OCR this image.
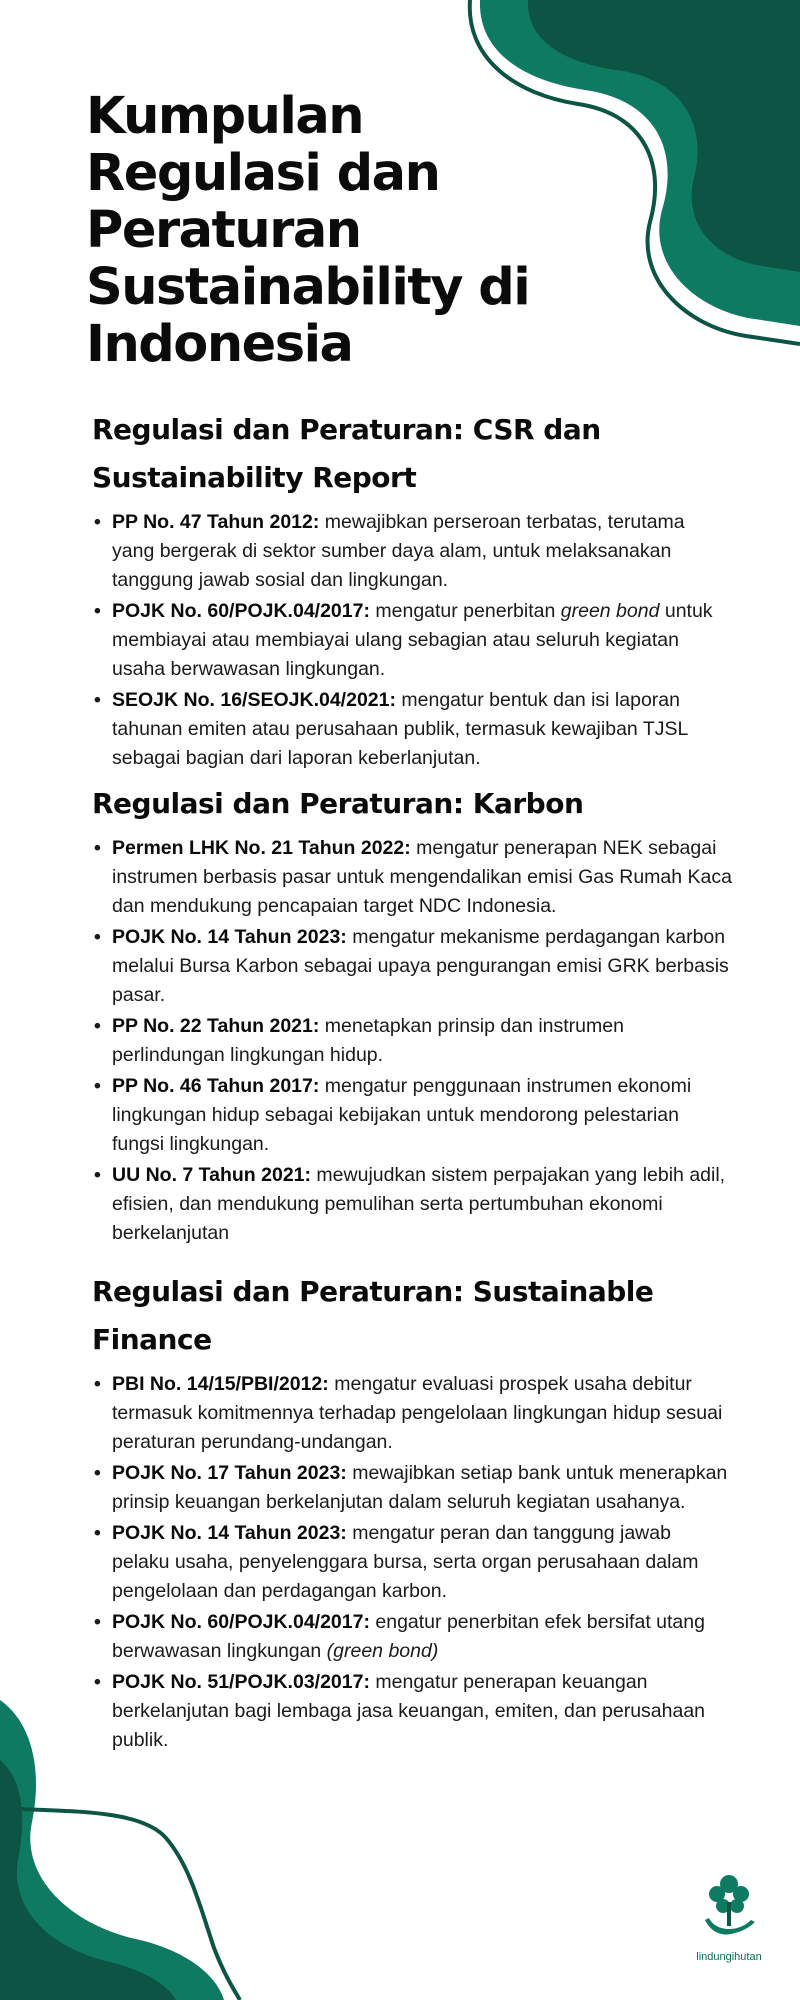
Kumpulan
Regulasi dan
Peraturan
Sustainability di
Indonesia
Regulasi dan Peraturan: CSR dan Sustainability Report
• PP No. 47 Tahun 2012: mewajibkan perseroan terbatas, terutama yang bergerak di sektor sumber daya alam, untuk melaksanakan tanggung jawab sosial dan lingkungan.
• POJK No. 60/POJK.04/2017: mengatur penerbitan green bond untuk membiayai atau membiayai ulang sebagian atau seluruh kegiatan usaha berwawasan lingkungan.
• SEOJK No. 16/SEOJK.04/2021: mengatur bentuk dan isi laporan tahunan emiten atau perusahaan publik, termasuk kewajiban TJSL sebagai bagian dari laporan keberlanjutan.
Regulasi dan Peraturan: Karbon
• Permen LHK No. 21 Tahun 2022: mengatur penerapan NEK sebagai instrumen berbasis pasar untuk mengendalikan emisi Gas Rumah Kaca dan mendukung pencapaian target NDC Indonesia.
• POJK No. 14 Tahun 2023: mengatur mekanisme perdagangan karbon melalui Bursa Karbon sebagai upaya pengurangan emisi GRK berbasis pasar.
• PP No. 22 Tahun 2021: menetapkan prinsip dan instrumen perlindungan lingkungan hidup.
• PP No. 46 Tahun 2017: mengatur penggunaan instrumen ekonomi lingkungan hidup sebagai kebijakan untuk mendorong pelestarian fungsi lingkungan.
• UU No. 7 Tahun 2021: mewujudkan sistem perpajakan yang lebih adil, efisien, dan mendukung pemulihan serta pertumbuhan ekonomi berkelanjutan
Regulasi dan Peraturan: Sustainable Finance
• PBI No. 14/15/PBI/2012: mengatur evaluasi prospek usaha debitur termasuk komitmennya terhadap pengelolaan lingkungan hidup sesuai peraturan perundang-undangan.
• POJK No. 17 Tahun 2023: mewajibkan setiap bank untuk menerapkan prinsip keuangan berkelanjutan dalam seluruh kegiatan usahanya.
• POJK No. 14 Tahun 2023: mengatur peran dan tanggung jawab pelaku usaha, penyelenggara bursa, serta organ perusahaan dalam pengelolaan dan perdagangan karbon.
• POJK No. 60/POJK.04/2017: engatur penerbitan efek bersifat utang berwawasan lingkungan (green bond)
• POJK No. 51/POJK.03/2017: mengatur penerapan keuangan berkelanjutan bagi lembaga jasa keuangan, emiten, dan perusahaan publik.
lindungihutan
